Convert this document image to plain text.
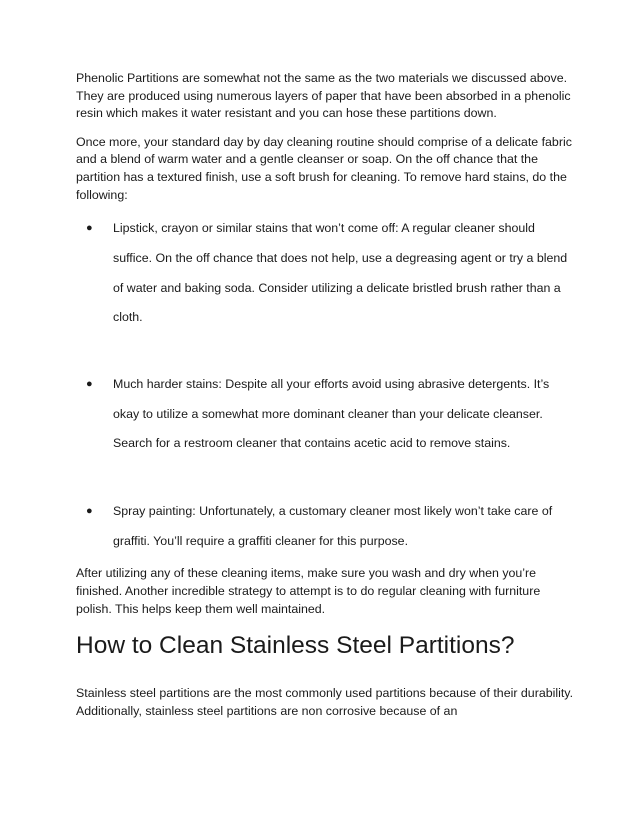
Phenolic Partitions are somewhat not the same as the two materials we discussed above. They are produced using numerous layers of paper that have been absorbed in a phenolic resin which makes it water resistant and you can hose these partitions down.

Once more, your standard day by day cleaning routine should comprise of a delicate fabric and a blend of warm water and a gentle cleanser or soap. On the off chance that the partition has a textured finish, use a soft brush for cleaning. To remove hard stains, do the following:

● Lipstick, crayon or similar stains that won’t come off: A regular cleaner should suffice. On the off chance that does not help, use a degreasing agent or try a blend of water and baking soda. Consider utilizing a delicate bristled brush rather than a cloth.
● Much harder stains: Despite all your efforts avoid using abrasive detergents. It’s okay to utilize a somewhat more dominant cleaner than your delicate cleanser. Search for a restroom cleaner that contains acetic acid to remove stains.
● Spray painting: Unfortunately, a customary cleaner most likely won’t take care of graffiti. You’ll require a graffiti cleaner for this purpose.

After utilizing any of these cleaning items, make sure you wash and dry when you’re finished. Another incredible strategy to attempt is to do regular cleaning with furniture polish. This helps keep them well maintained.

How to Clean Stainless Steel Partitions?

Stainless steel partitions are the most commonly used partitions because of their durability. Additionally, stainless steel partitions are non corrosive because of an
